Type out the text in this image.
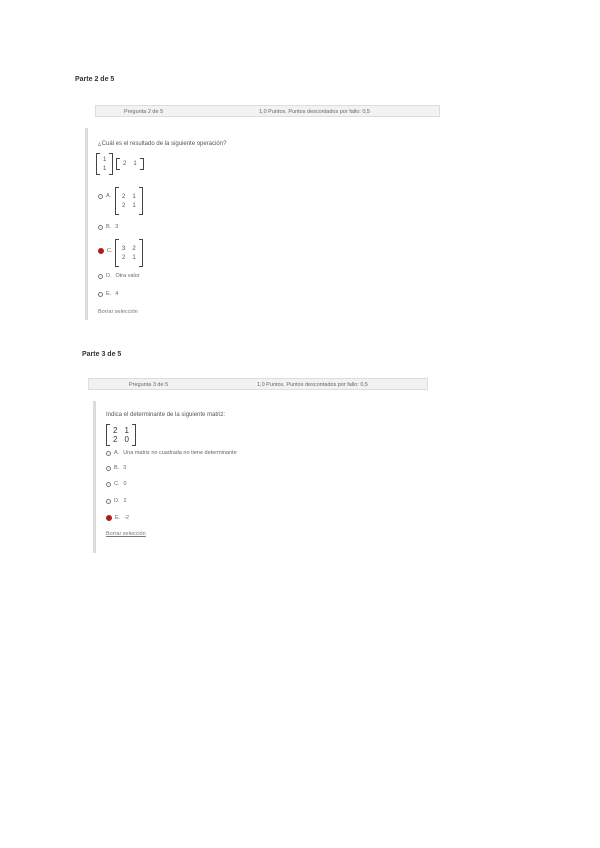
Parte 2 de 5
Pregunta 2 de 5	1,0 Puntos. Puntos descontados por fallo: 0,5
¿Cuál es el resultado de la siguiente operación?
1
1
2 1
A. 2 1
2 1
B. 3
C. 3 2
2 1
D. Otra valor
E. 4
Borrar selección
Parte 3 de 5
Pregunta 3 de 5	1,0 Puntos. Puntos descontados por fallo: 0,5
Indica el determinante de la siguiente matriz:
2 1
2 0
A. Una matriz no cuadrada no tiene determinante
B. 3
C. 0
D. 2
E. -2
Borrar selección
